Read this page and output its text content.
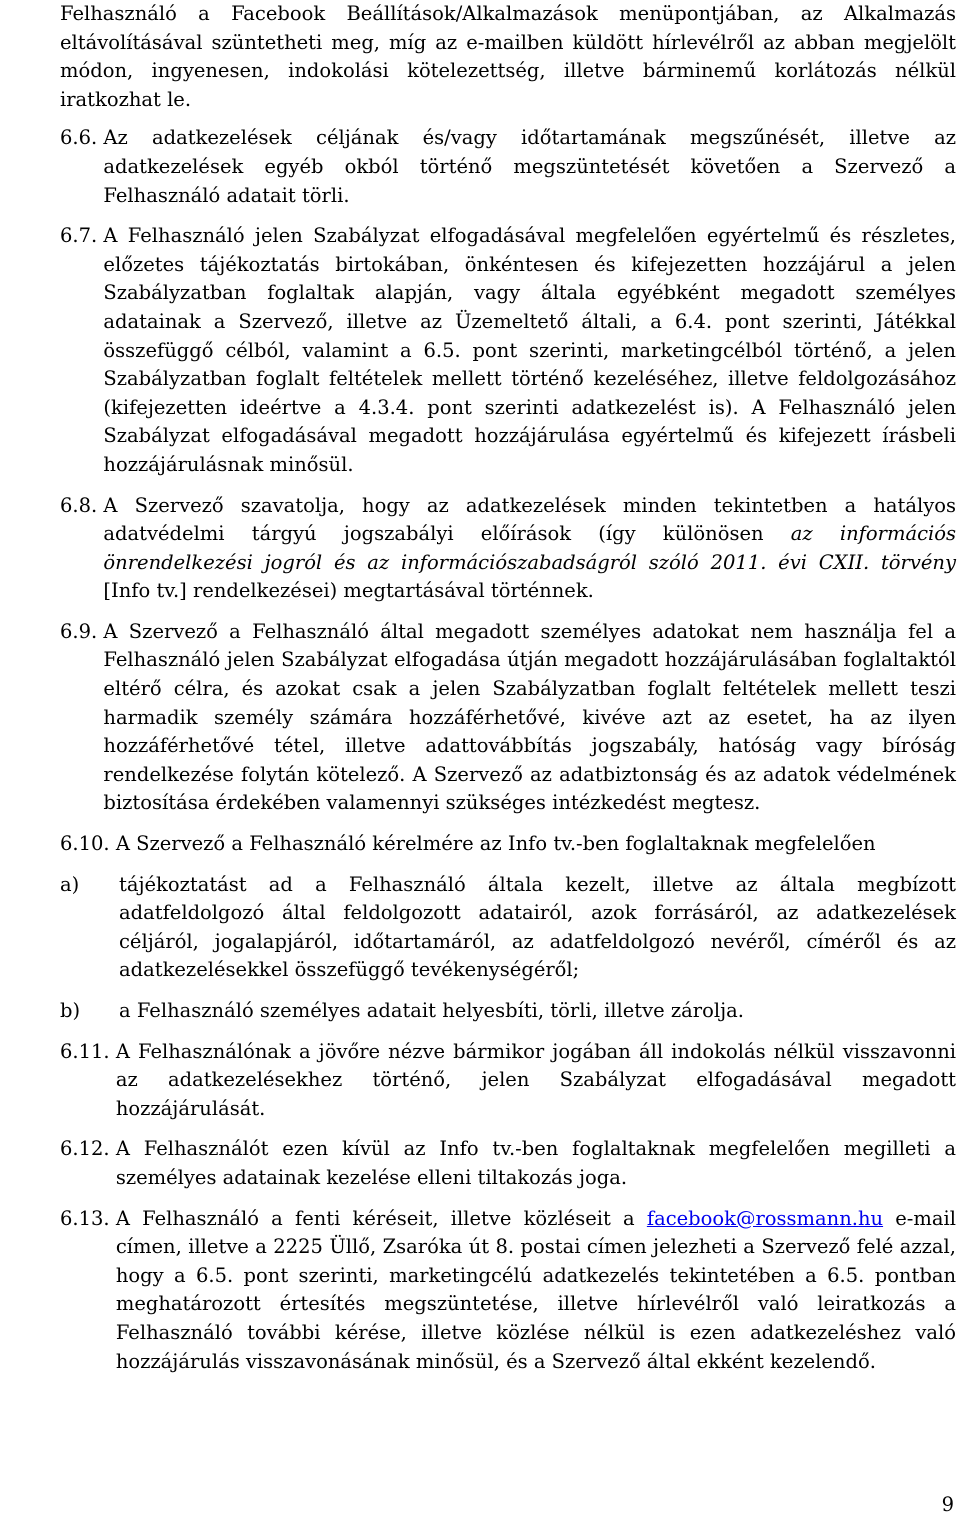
Felhasználó a Facebook Beállítások/Alkalmazások menüpontjában, az Alkalmazás eltávolításával szüntetheti meg, míg az e-mailben küldött hírlevélről az abban megjelölt módon, ingyenesen, indokolási kötelezettség, illetve bárminemű korlátozás nélkül iratkozhat le.

6.6.
Az adatkezelések céljának és/vagy időtartamának megszűnését, illetve az adatkezelések egyéb okból történő megszüntetését követően a Szervező a Felhasználó adatait törli.
6.7.
A Felhasználó jelen Szabályzat elfogadásával megfelelően egyértelmű és részletes, előzetes tájékoztatás birtokában, önkéntesen és kifejezetten hozzájárul a jelen Szabályzatban foglaltak alapján, vagy általa egyébként megadott személyes adatainak a Szervező, illetve az Üzemeltető általi, a 6.4. pont szerinti, Játékkal összefüggő célból, valamint a 6.5. pont szerinti, marketingcélból történő, a jelen Szabályzatban foglalt feltételek mellett történő kezeléséhez, illetve feldolgozásához (kifejezetten ideértve a 4.3.4. pont szerinti adatkezelést is). A Felhasználó jelen Szabályzat elfogadásával megadott hozzájárulása egyértelmű és kifejezett írásbeli hozzájárulásnak minősül.
6.8.
A Szervező szavatolja, hogy az adatkezelések minden tekintetben a hatályos adatvédelmi tárgyú jogszabályi előírások (így különösen az információs önrendelkezési jogról és az információszabadságról szóló 2011. évi CXII. törvény [Info tv.] rendelkezései) megtartásával történnek.
6.9.
A Szervező a Felhasználó által megadott személyes adatokat nem használja fel a Felhasználó jelen Szabályzat elfogadása útján megadott hozzájárulásában foglaltaktól eltérő célra, és azokat csak a jelen Szabályzatban foglalt feltételek mellett teszi harmadik személy számára hozzáférhetővé, kivéve azt az esetet, ha az ilyen hozzáférhetővé tétel, illetve adattovábbítás jogszabály, hatóság vagy bíróság rendelkezése folytán kötelező. A Szervező az adatbiztonság és az adatok védelmének biztosítása érdekében valamennyi szükséges intézkedést megtesz.
6.10.
A Szervező a Felhasználó kérelmére az Info tv.-ben foglaltaknak megfelelően
a)	tájékoztatást ad a Felhasználó általa kezelt, illetve az általa megbízott adatfeldolgozó által feldolgozott adatairól, azok forrásáról, az adatkezelések céljáról, jogalapjáról, időtartamáról, az adatfeldolgozó nevéről, címéről és az adatkezelésekkel összefüggő tevékenységéről;
b)	a Felhasználó személyes adatait helyesbíti, törli, illetve zárolja.
6.11.
A Felhasználónak a jövőre nézve bármikor jogában áll indokolás nélkül visszavonni az adatkezelésekhez történő, jelen Szabályzat elfogadásával megadott hozzájárulását.
6.12.
A Felhasználót ezen kívül az Info tv.-ben foglaltaknak megfelelően megilleti a személyes adatainak kezelése elleni tiltakozás joga.
6.13.
A Felhasználó a fenti kéréseit, illetve közléseit a facebook@rossmann.hu e-mail címen, illetve a 2225 Üllő, Zsaróka út 8. postai címen jelezheti a Szervező felé azzal, hogy a 6.5. pont szerinti, marketingcélú adatkezelés tekintetében a 6.5. pontban meghatározott értesítés megszüntetése, illetve hírlevélről való leiratkozás a Felhasználó további kérése, illetve közlése nélkül is ezen adatkezeléshez való hozzájárulás visszavonásának minősül, és a Szervező által ekként kezelendő.
9
